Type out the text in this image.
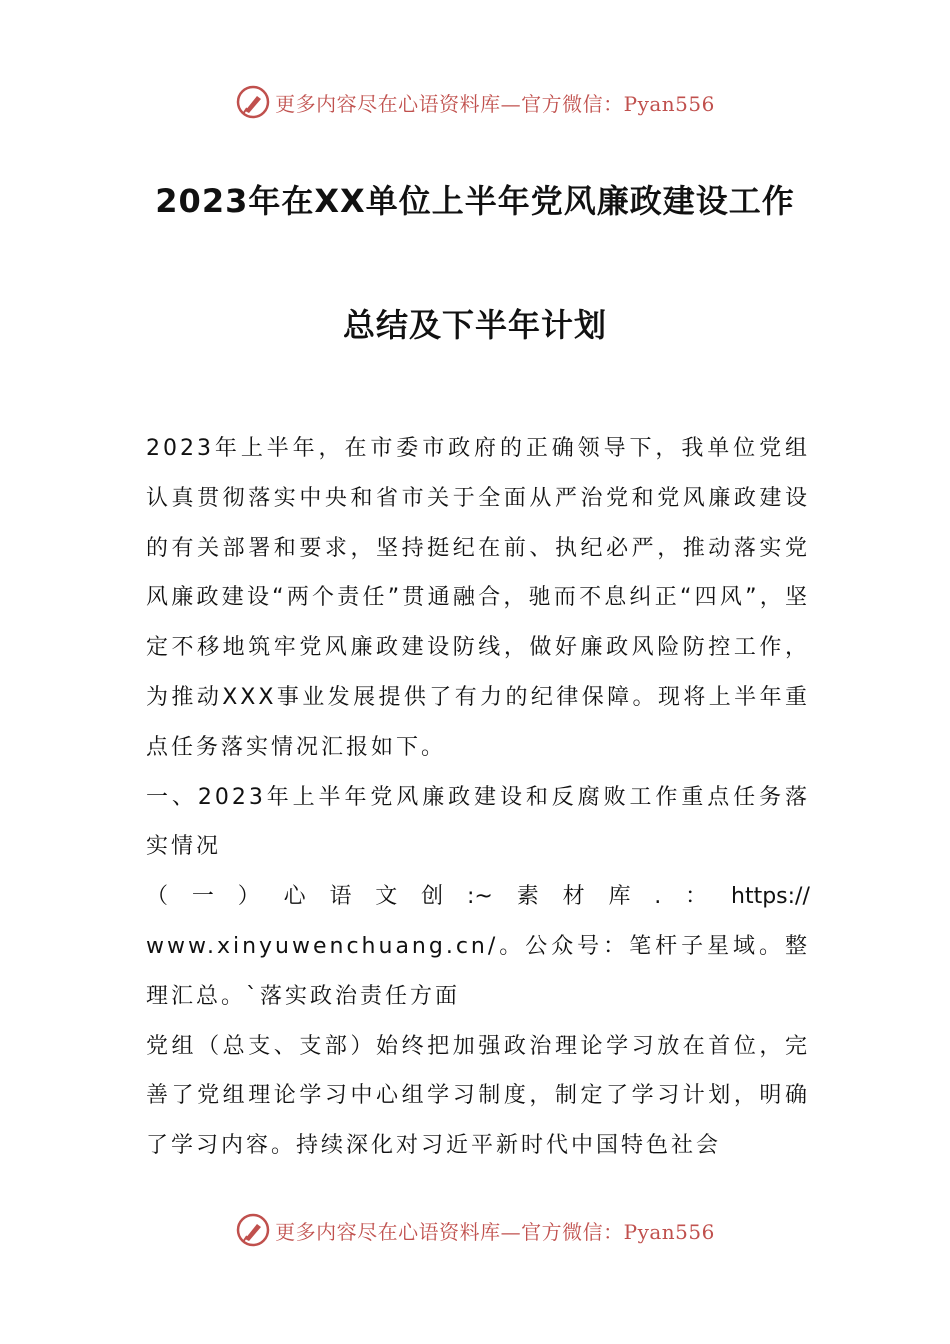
更多内容尽在心语资料库—官方微信：Pyan556
2023年在XX单位上半年党风廉政建设工作
总结及下半年计划

2023年上半年，在市委市政府的正确领导下，我单位党组认真贯彻落实中央和省市关于全面从严治党和党风廉政建设的有关部署和要求，坚持挺纪在前、执纪必严，推动落实党风廉政建设“两个责任”贯通融合，驰而不息纠正“四风”，坚定不移地筑牢党风廉政建设防线，做好廉政风险防控工作，为推动XXX事业发展提供了有力的纪律保障。现将上半年重点任务落实情况汇报如下。

一、2023年上半年党风廉政建设和反腐败工作重点任务落实情况

（ 一 ） 心 语 文 创 :~ 素 材 库 . ： https://

www.xinyuwenchuang.cn/。公众号：笔杆子星域。整理汇总。`落实政治责任方面

党组（总支、支部）始终把加强政治理论学习放在首位，完善了党组理论学习中心组学习制度，制定了学习计划，明确了学习内容。持续深化对习近平新时代中国特色社会

更多内容尽在心语资料库—官方微信：Pyan556
